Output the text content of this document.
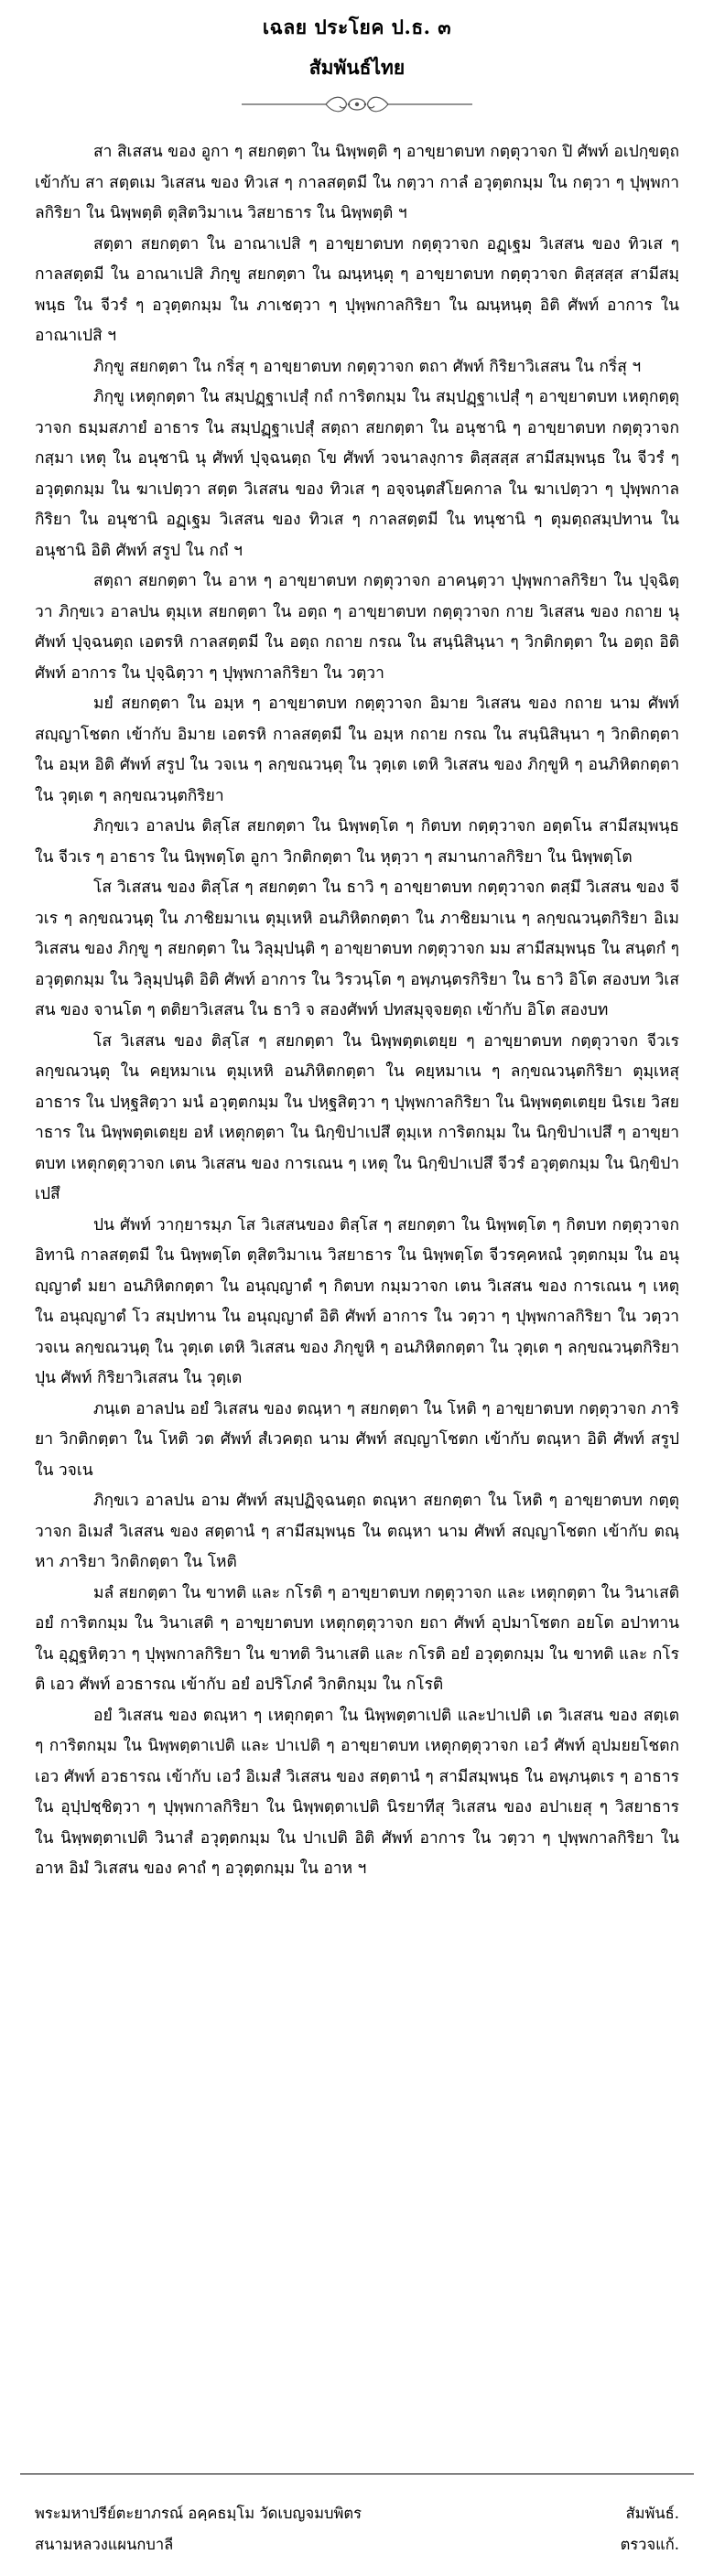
เฉลย ประโยค ป.ธ. ๓
สัมพันธ์ไทย

สา สิเสสน ของ อูกา ๆ สยกตฺตา ใน นิพฺพตฺติ ๆ อาขฺยาตบท กตฺตุวาจก ปิ ศัพท์ อเปกฺขตฺถ เข้ากับ สา สตฺตเม วิเสสน ของ ทิวเส ๆ กาลสตฺตมี ใน กตฺวา กาลํ อวุตฺตกมฺม ใน กตฺวา ๆ ปุพฺพกาลกิริยา ใน นิพฺพตฺติ ตุสิตวิมาเน วิสยาธาร ใน นิพฺพตฺติ ฯ

สตฺตา สยกตฺตา ใน อาณาเปสิ ๆ อาขฺยาตบท กตฺตุวาจก อฏฺเฐม วิเสสน ของ ทิวเส ๆ กาลสตฺตมี ใน อาณาเปสิ ภิกฺขู สยกตฺตา ใน ฌนฺหนฺตุ ๆ อาขฺยาตบท กตฺตุวาจก ติสฺสสฺส สามีสมฺพนฺธ ใน จีวรํ ๆ อวุตฺตกมฺม ใน ภาเชตฺวา ๆ ปุพฺพกาลกิริยา ใน ฌนฺหนฺตุ อิติ ศัพท์ อาการ ใน อาณาเปสิ ฯ

ภิกฺขู สยกตฺตา ใน กริํสุ ๆ อาขฺยาตบท กตฺตุวาจก ตถา ศัพท์ กิริยาวิเสสน ใน กริํสุ ฯ

ภิกฺขู เหตุกตฺตา ใน สมฺปฏฺฐาเปสุํ กถํ การิตกมฺม ใน สมฺปฏฺฐาเปสุํ ๆ อาขฺยาตบท เหตุกตฺตุวาจก ธมฺมสภายํ อาธาร ใน สมฺปฏฺฐาเปสุํ สตฺถา สยกตฺตา ใน อนุชานิ ๆ อาขฺยาตบท กตฺตุวาจก กสฺมา เหตุ ใน อนุชานิ นุ ศัพท์ ปุจฺฉนตฺถ โข ศัพท์ วจนาลงฺการ ติสฺสสฺส สามีสมฺพนฺธ ใน จีวรํ ๆ อวุตฺตกมฺม ใน ฆาเปตฺวา สตฺต วิเสสน ของ ทิวเส ๆ อจฺจนฺตสํโยคกาล ใน ฆาเปตฺวา ๆ ปุพฺพกาลกิริยา ใน อนุชานิ อฏฺเฐม วิเสสน ของ ทิวเส ๆ กาลสตฺตมี ใน ทนุชานิ ๆ ตุมตฺถสมฺปทาน ใน อนุชานิ อิติ ศัพท์ สรูป ใน กถํ ฯ

สตฺถา สยกตฺตา ใน อาห ๆ อาขฺยาตบท กตฺตุวาจก อาคนฺตฺวา ปุพฺพกาลกิริยา ใน ปุจฺฉิตฺวา ภิกฺขเว อาลปน ตุมฺเห สยกตฺตา ใน อตฺถ ๆ อาขฺยาตบท กตฺตุวาจก กาย วิเสสน ของ กถาย นุ ศัพท์ ปุจฺฉนตฺถ เอตรหิ กาลสตฺตมี ใน อตฺถ กถาย กรณ ใน สนฺนิสินฺนา ๆ วิกติกตฺตา ใน อตฺถ อิติ ศัพท์ อาการ ใน ปุจฺฉิตฺวา ๆ ปุพฺพกาลกิริยา ใน วตฺวา

มยํ สยกตฺตา ใน อมฺห ๆ อาขฺยาตบท กตฺตุวาจก อิมาย วิเสสน ของ กถาย นาม ศัพท์ สญฺญาโชตก เข้ากับ อิมาย เอตรหิ กาลสตฺตมี ใน อมฺห กถาย กรณ ใน สนฺนิสินฺนา ๆ วิกติกตฺตา ใน อมฺห อิติ ศัพท์ สรูป ใน วจเน ๆ ลกฺขณวนฺตุ ใน วุตฺเต เตหิ วิเสสน ของ ภิกฺขูหิ ๆ อนภิหิตกตฺตา ใน วุตฺเต ๆ ลกฺขณวนฺตกิริยา

ภิกฺขเว อาลปน ติสฺโส สยกตฺตา ใน นิพฺพตฺโต ๆ กิตบท กตฺตุวาจก อตฺตโน สามีสมฺพนฺธ ใน จีวเร ๆ อาธาร ใน นิพฺพตฺโต อูกา วิกติกตฺตา ใน หุตฺวา ๆ สมานกาลกิริยา ใน นิพฺพตฺโต

โส วิเสสน ของ ติสฺโส ๆ สยกตฺตา ใน ธาวิ ๆ อาขฺยาตบท กตฺตุวาจก ตสฺมึ วิเสสน ของ จีวเร ๆ ลกฺขณวนฺตุ ใน ภาชิยมาเน ตุมฺเหหิ อนภิหิตกตฺตา ใน ภาชิยมาเน ๆ ลกฺขณวนฺตกิริยา อิเม วิเสสน ของ ภิกฺขู ๆ สยกตฺตา ใน วิลุมฺปนฺติ ๆ อาขฺยาตบท กตฺตุวาจก มม สามีสมฺพนฺธ ใน สนฺตกํ ๆ อวุตฺตกมฺม ใน วิลุมฺปนฺติ อิติ ศัพท์ อาการ ใน วิรวนฺโต ๆ อพฺภนฺตรกิริยา ใน ธาวิ อิโต สองบท วิเสสน ของ จานโต ๆ ตติยาวิเสสน ใน ธาวิ จ สองศัพท์ ปทสมุจฺจยตฺถ เข้ากับ อิโต สองบท

โส วิเสสน ของ ติสฺโส ๆ สยกตฺตา ใน นิพฺพตฺตเตยฺย ๆ อาขฺยาตบท กตฺตุวาจก จีวเร ลกฺขณวนฺตุ ใน คยฺหมาเน ตุมฺเหหิ อนภิหิตกตฺตา ใน คยฺหมาเน ๆ ลกฺขณวนฺตกิริยา ตุมฺเหสุ อาธาร ใน ปหฺฐสิตฺวา มนํ อวุตฺตกมฺม ใน ปหฺฐสิตฺวา ๆ ปุพฺพกาลกิริยา ใน นิพฺพตฺตเตยฺย นิรเย วิสยาธาร ใน นิพฺพตฺตเตยฺย อหํ เหตุกตฺตา ใน นิกฺขิปาเปสึ ตุมฺเห การิตกมฺม ใน นิกฺขิปาเปสึ ๆ อาขฺยาตบท เหตุกตฺตุวาจก เตน วิเสสน ของ การเณน ๆ เหตุ ใน นิกฺขิปาเปสึ จีวรํ อวุตฺตกมฺม ใน นิกฺขิปาเปสึ

ปน ศัพท์ วากฺยารมฺภ โส วิเสสนของ ติสฺโส ๆ สยกตฺตา ใน นิพฺพตฺโต ๆ กิตบท กตฺตุวาจก อิทานิ กาลสตฺตมี ใน นิพฺพตฺโต ตุสิตวิมาเน วิสยาธาร ใน นิพฺพตฺโต จีวรคฺคหณํ วุตฺตกมฺม ใน อนุญฺญาตํ มยา อนภิหิตกตฺตา ใน อนุญฺญาตํ ๆ กิตบท กมฺมวาจก เตน วิเสสน ของ การเณน ๆ เหตุ ใน อนุญฺญาตํ โว สมฺปทาน ใน อนุญฺญาตํ อิติ ศัพท์ อาการ ใน วตฺวา ๆ ปุพฺพกาลกิริยา ใน วตฺวา วจเน ลกฺขณวนฺตุ ใน วุตฺเต เตหิ วิเสสน ของ ภิกฺขูหิ ๆ อนภิหิตกตฺตา ใน วุตฺเต ๆ ลกฺขณวนฺตกิริยา ปุน ศัพท์ กิริยาวิเสสน ใน วุตฺเต

ภนฺเต อาลปน อยํ วิเสสน ของ ตณฺหา ๆ สยกตฺตา ใน โหติ ๆ อาขฺยาตบท กตฺตุวาจก ภาริยา วิกติกตฺตา ใน โหติ วต ศัพท์ สํเวคตฺถ นาม ศัพท์ สญฺญาโชตก เข้ากับ ตณฺหา อิติ ศัพท์ สรูป ใน วจเน

ภิกฺขเว อาลปน อาม ศัพท์ สมฺปฏิจฺฉนตฺถ ตณฺหา สยกตฺตา ใน โหติ ๆ อาขฺยาตบท กตฺตุวาจก อิเมสํ วิเสสน ของ สตฺตานํ ๆ สามีสมฺพนฺธ ใน ตณฺหา นาม ศัพท์ สญฺญาโชตก เข้ากับ ตณฺหา ภาริยา วิกติกตฺตา ใน โหติ

มลํ สยกตฺตา ใน ขาทติ และ กโรติ ๆ อาขฺยาตบท กตฺตุวาจก และ เหตุกตฺตา ใน วินาเสติ อยํ การิตกมฺม ใน วินาเสติ ๆ อาขฺยาตบท เหตุกตฺตุวาจก ยถา ศัพท์ อุปมาโชตก อยโต อปาทาน ใน อุฏฺฐหิตฺวา ๆ ปุพฺพกาลกิริยา ใน ขาทติ วินาเสติ และ กโรติ อยํ อวุตฺตกมฺม ใน ขาทติ และ กโรติ เอว ศัพท์ อวธารณ เข้ากับ อยํ อปริโภคํ วิกติกมฺม ใน กโรติ

อยํ วิเสสน ของ ตณฺหา ๆ เหตุกตฺตา ใน นิพฺพตฺตาเปติ และปาเปติ เต วิเสสน ของ สตฺเต ๆ การิตกมฺม ใน นิพฺพตฺตาเปติ และ ปาเปติ ๆ อาขฺยาตบท เหตุกตฺตุวาจก เอวํ ศัพท์ อุปมยยโชตก เอว ศัพท์ อวธารณ เข้ากับ เอวํ อิเมสํ วิเสสน ของ สตฺตานํ ๆ สามีสมฺพนฺธ ใน อพฺภนฺตเร ๆ อาธาร ใน อุปฺปชฺชิตฺวา ๆ ปุพฺพกาลกิริยา ใน นิพฺพตฺตาเปติ นิรยาทีสุ วิเสสน ของ อปาเยสุ ๆ วิสยาธาร ใน นิพฺพตฺตาเปติ วินาสํ อวุตฺตกมฺม ใน ปาเปติ อิติ ศัพท์ อาการ ใน วตฺวา ๆ ปุพฺพกาลกิริยา ใน อาห อิมํ วิเสสน ของ คาถํ ๆ อวุตฺตกมฺม ใน อาห ฯ

พระมหาปรีย์ตะยาภรณ์ อคฺคธมฺโม วัดเบญจมบพิตร
สนามหลวงแผนกบาลี
สัมพันธ์.
ตรวจแก้.
